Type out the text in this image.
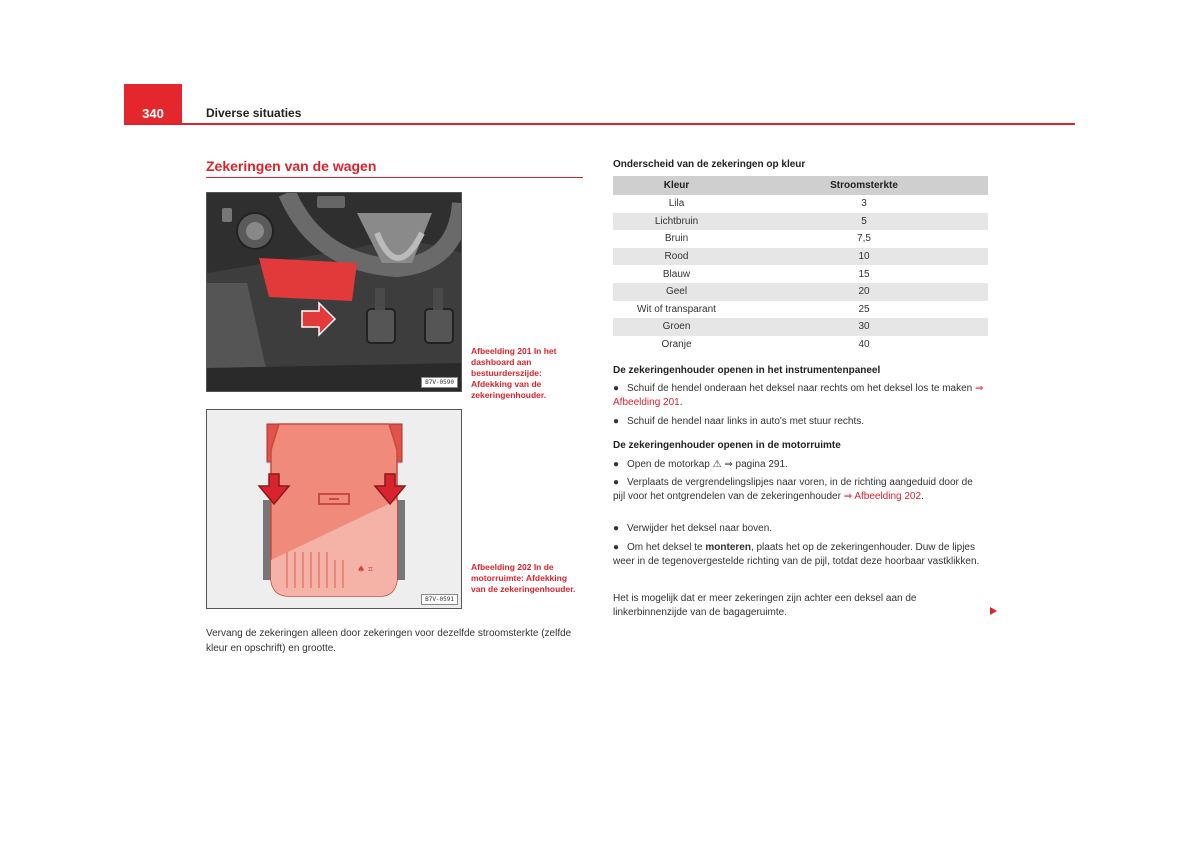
340	Diverse situaties
Zekeringen van de wagen
B7V-0590
Afbeelding 201 In het dashboard aan bestuurderszijde: Afdekking van de zekeringenhouder.
♠ ⌗
B7V-0591
Afbeelding 202 In de motorruimte: Afdekking van de zekeringenhouder.
Vervang de zekeringen alleen door zekeringen voor dezelfde stroomsterkte (zelfde kleur en opschrift) en grootte.
Onderscheid van de zekeringen op kleur
Kleur	Stroomsterkte
Lila	3
Lichtbruin	5
Bruin	7,5
Rood	10
Blauw	15
Geel	20
Wit of transparant	25
Groen	30
Oranje	40
De zekeringenhouder openen in het instrumentenpaneel
● Schuif de hendel onderaan het deksel naar rechts om het deksel los te maken ⇒ Afbeelding 201.
● Schuif de hendel naar links in auto's met stuur rechts.
De zekeringenhouder openen in de motorruimte
● Open de motorkap ⚠ ⇒ pagina 291.
● Verplaats de vergrendelingslipjes naar voren, in de richting aangeduid door de pijl voor het ontgrendelen van de zekeringenhouder ⇒ Afbeelding 202.
● Verwijder het deksel naar boven.
● Om het deksel te monteren, plaats het op de zekeringenhouder. Duw de lipjes weer in de tegenovergestelde richting van de pijl, totdat deze hoorbaar vastklikken.
Het is mogelijk dat er meer zekeringen zijn achter een deksel aan de linkerbinnenzijde van de bagageruimte.
